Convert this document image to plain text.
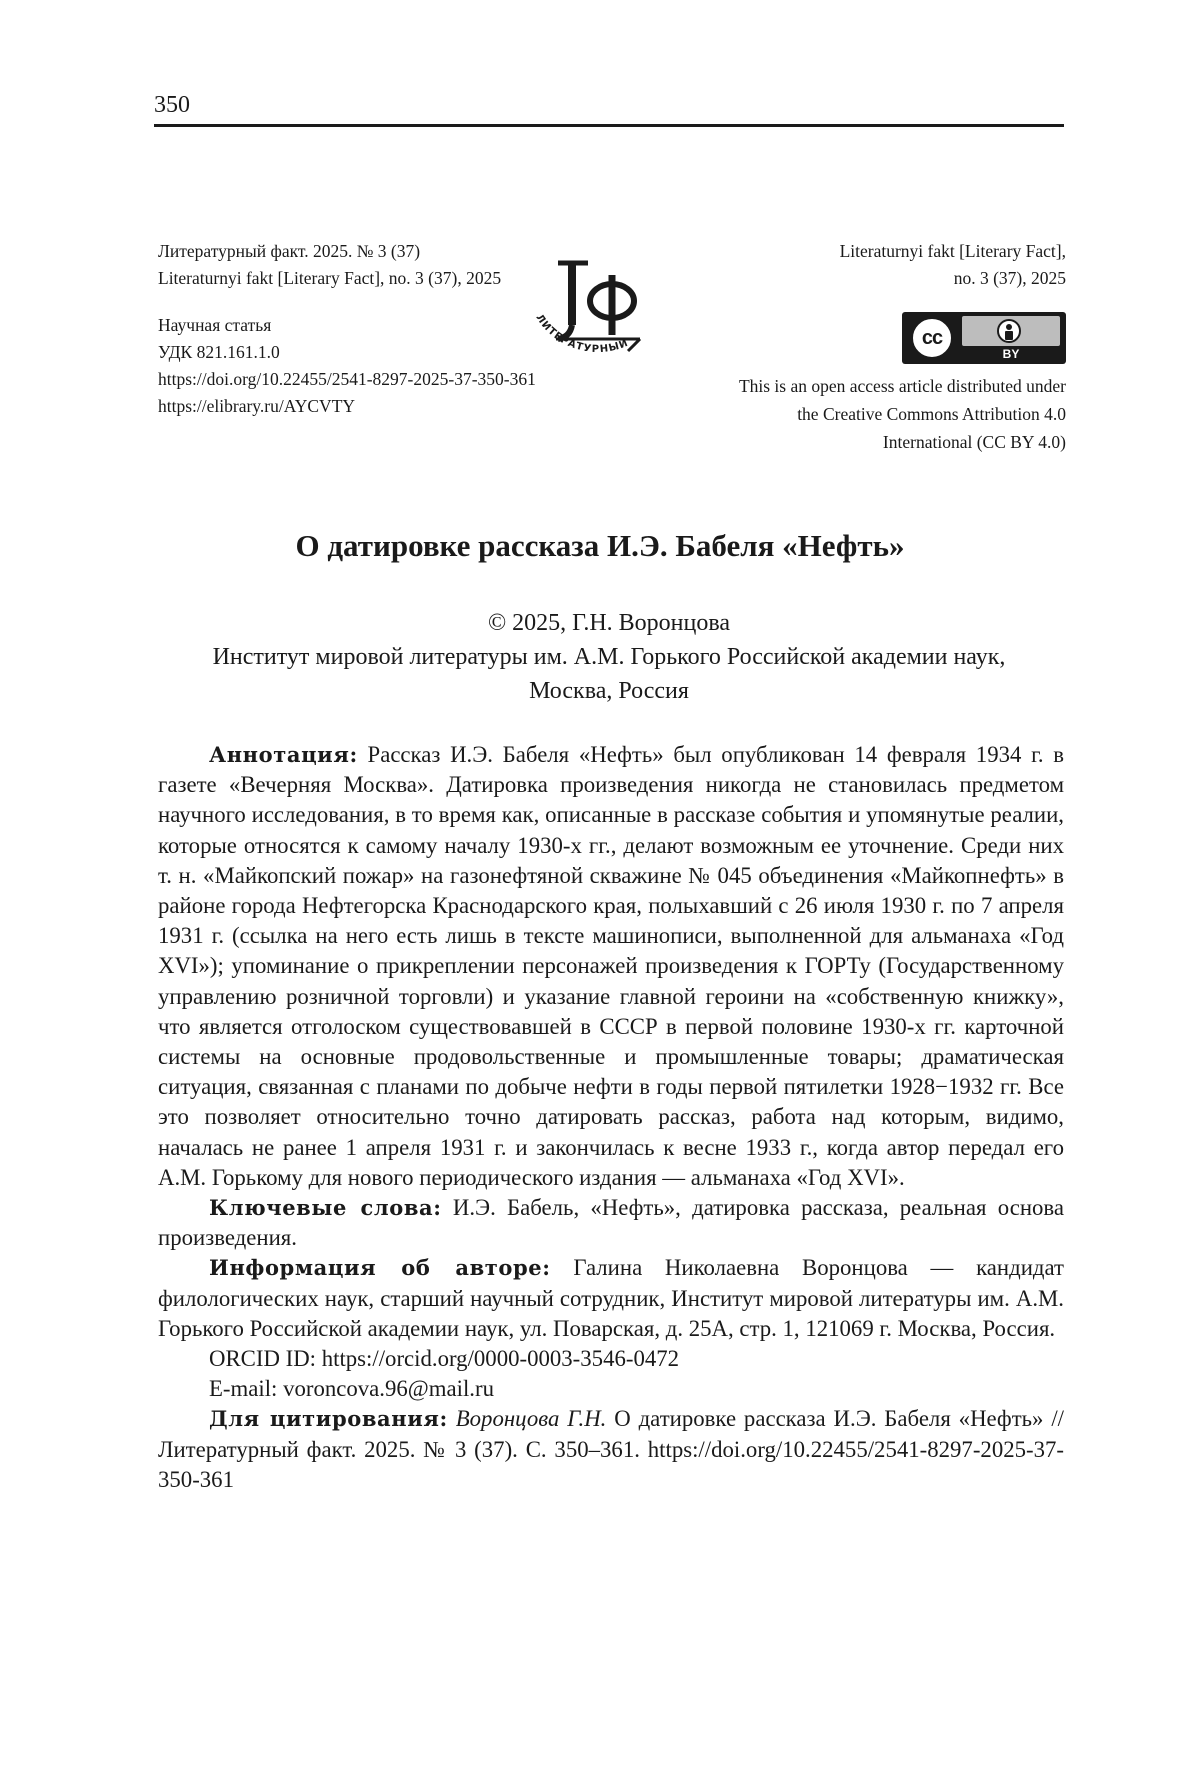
350
Литературный факт. 2025. № 3 (37)
Literaturnyi fakt [Literary Fact], no. 3 (37), 2025
Научная статья
УДК 821.161.1.0
https://doi.org/10.22455/2541-8297-2025-37-350-361
https://elibrary.ru/AYCVTY
Literaturnyi fakt [Literary Fact],
no. 3 (37), 2025
ЛИТЕРАТУРНЫЙ	cc
BY
This is an open access article distributed under
the Creative Commons Attribution 4.0
International (CC BY 4.0)
О датировке рассказа И.Э. Бабеля «Нефть»
© 2025, Г.Н. Воронцова
Институт мировой литературы им. А.М. Горького Российской академии наук,
Москва, Россия

Аннотация: Рассказ И.Э. Бабеля «Нефть» был опубликован 14 февраля 1934 г. в газете «Вечерняя Москва». Датировка произведения никогда не становилась предметом научного исследования, в то время как, описанные в рассказе события и упомянутые реалии, которые относятся к самому началу 1930-х гг., делают возможным ее уточнение. Среди них т. н. «Майкопский пожар» на газонефтяной скважине № 045 объединения «Майкопнефть» в районе города Нефтегорска Краснодарского края, полыхавший с 26 июля 1930 г. по 7 апреля 1931 г. (ссылка на него есть лишь в тексте машинописи, выполненной для альманаха «Год XVI»); упоминание о прикреплении персонажей произведения к ГОРТу (Государственному управлению розничной торговли) и указание главной героини на «собственную книжку», что является отголоском существовавшей в СССР в первой половине 1930-х гг. карточной системы на основные продовольственные и промышленные товары; драматическая ситуация, связанная с планами по добыче нефти в годы первой пятилетки 1928−1932 гг. Все это позволяет относительно точно датировать рассказ, работа над которым, видимо, началась не ранее 1 апреля 1931 г. и закончилась к весне 1933 г., когда автор передал его А.М. Горькому для нового периодического издания — альманаха «Год XVI».

Ключевые слова: И.Э. Бабель, «Нефть», датировка рассказа, реальная основа произведения.

Информация об авторе: Галина Николаевна Воронцова — кандидат филологических наук, старший научный сотрудник, Институт мировой литературы им. А.М. Горького Российской академии наук, ул. Поварская, д. 25А, стр. 1, 121069 г. Москва, Россия.

ORCID ID: https://orcid.org/0000-0003-3546-0472

E-mail: voroncova.96@mail.ru

Для цитирования: Воронцова Г.Н. О датировке рассказа И.Э. Бабеля «Нефть» // Литературный факт. 2025. № 3 (37). С. 350–361. https://doi.org/10.22455/2541-8297-2025-37-350-361
